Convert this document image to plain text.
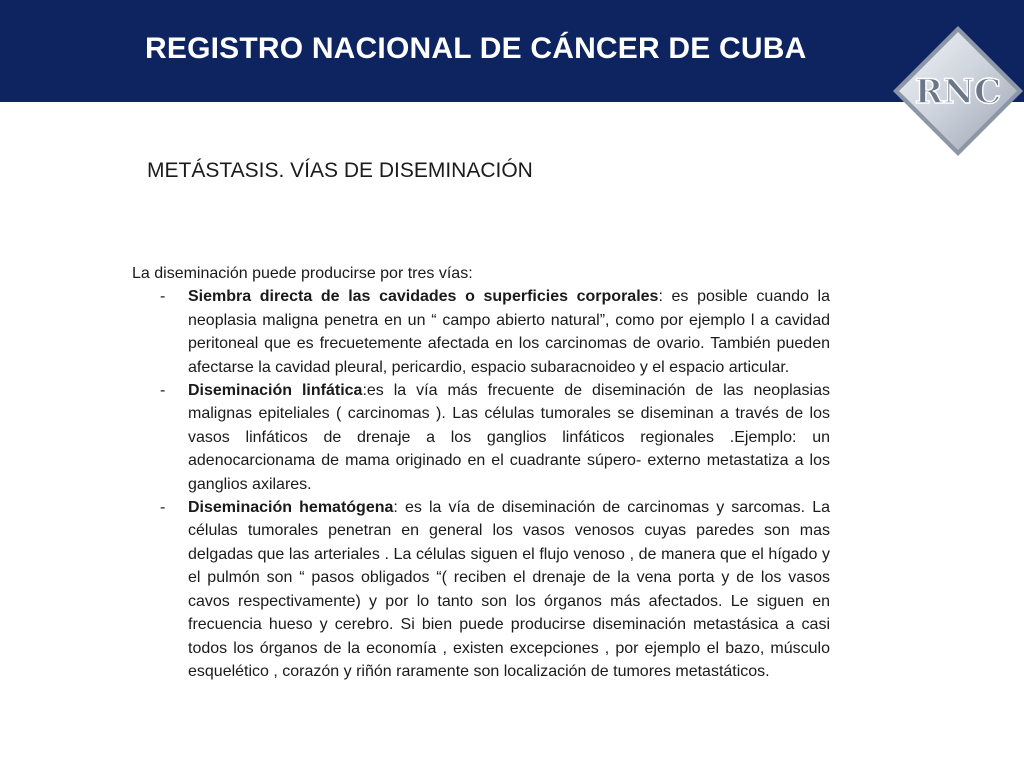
REGISTRO NACIONAL DE CÁNCER DE CUBA
RNC
METÁSTASIS. VÍAS DE DISEMINACIÓN

La diseminación puede producirse por tres vías:

-	Siembra directa de las cavidades o superficies corporales: es posible cuando la neoplasia maligna penetra en un “ campo abierto natural”, como por ejemplo l a cavidad peritoneal que es frecuetemente afectada en los carcinomas de ovario. También pueden afectarse la cavidad pleural, pericardio, espacio subaracnoideo y el espacio articular.
-	Diseminación linfática:es la vía más frecuente de diseminación de las neoplasias malignas epiteliales ( carcinomas ). Las células tumorales se diseminan a través de los vasos linfáticos de drenaje a los ganglios linfáticos regionales .Ejemplo: un adenocarcionama de mama originado en el cuadrante súpero- externo metastatiza a los ganglios axilares.
-	Diseminación hematógena: es la vía de diseminación de carcinomas y sarcomas. La células tumorales penetran en general los vasos venosos cuyas paredes son mas delgadas que las arteriales . La células siguen el flujo venoso , de manera que el hígado y el pulmón son “ pasos obligados “( reciben el drenaje de la vena porta y de los vasos cavos respectivamente) y por lo tanto son los órganos más afectados. Le siguen en frecuencia hueso y cerebro. Si bien puede producirse diseminación metastásica a casi todos los órganos de la economía , existen excepciones , por ejemplo el bazo, músculo esquelético , corazón y riñón raramente son localización de tumores metastáticos.
